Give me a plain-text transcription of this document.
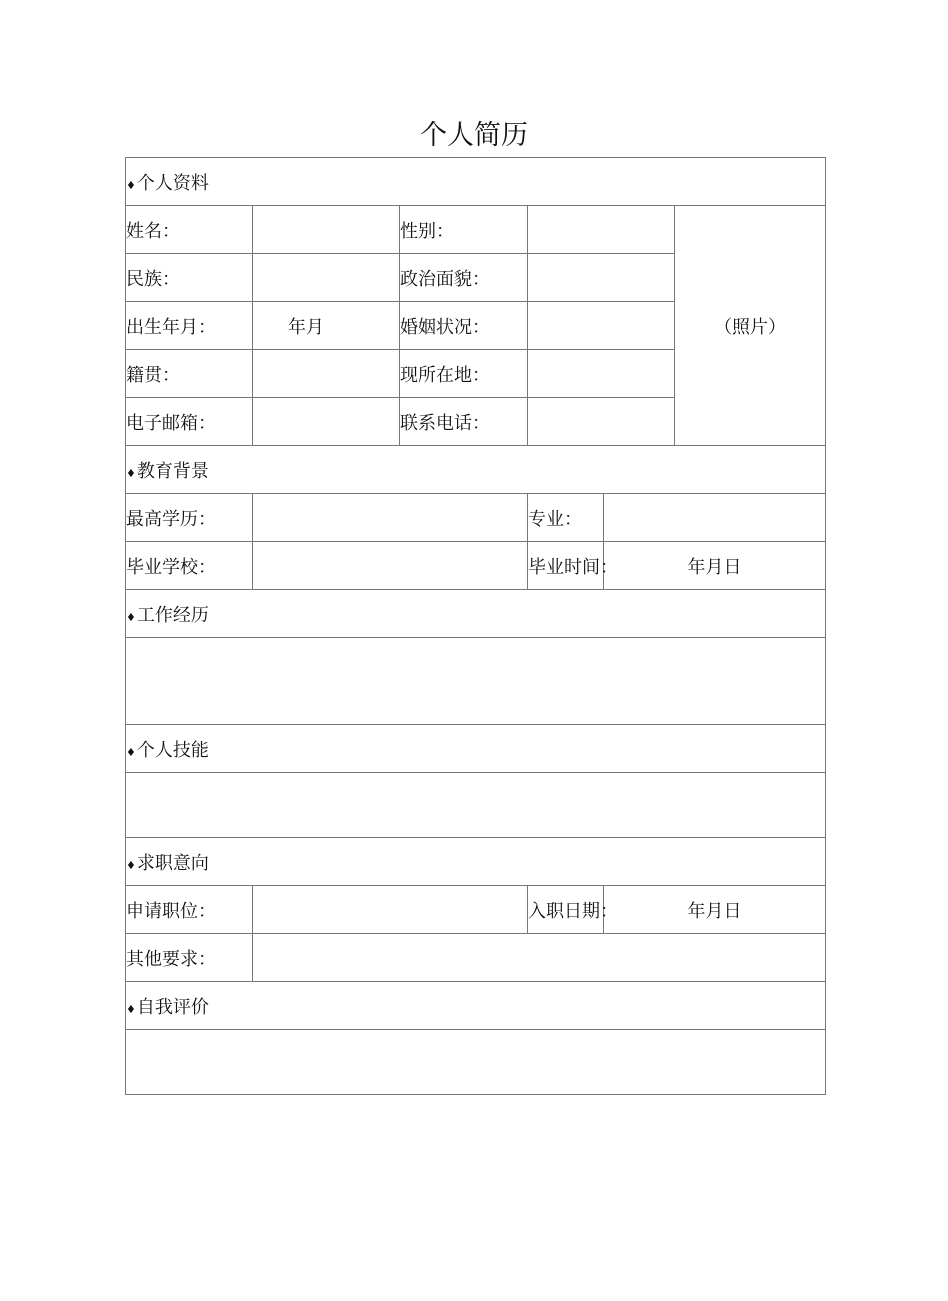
个人简历
♦个人资料					
姓名：		性别：			（照片）
民族：		政治面貌：			
出生年月：	年月	婚姻状况：			
籍贯：		现所在地：			
电子邮箱：		联系电话：			
♦教育背景					
最高学历：			专业：		
毕业学校：			毕业时间：	年月日	
♦工作经历					

♦个人技能					

♦求职意向					
申请职位：			入职日期：	年月日	
其他要求：					
♦自我评价					
